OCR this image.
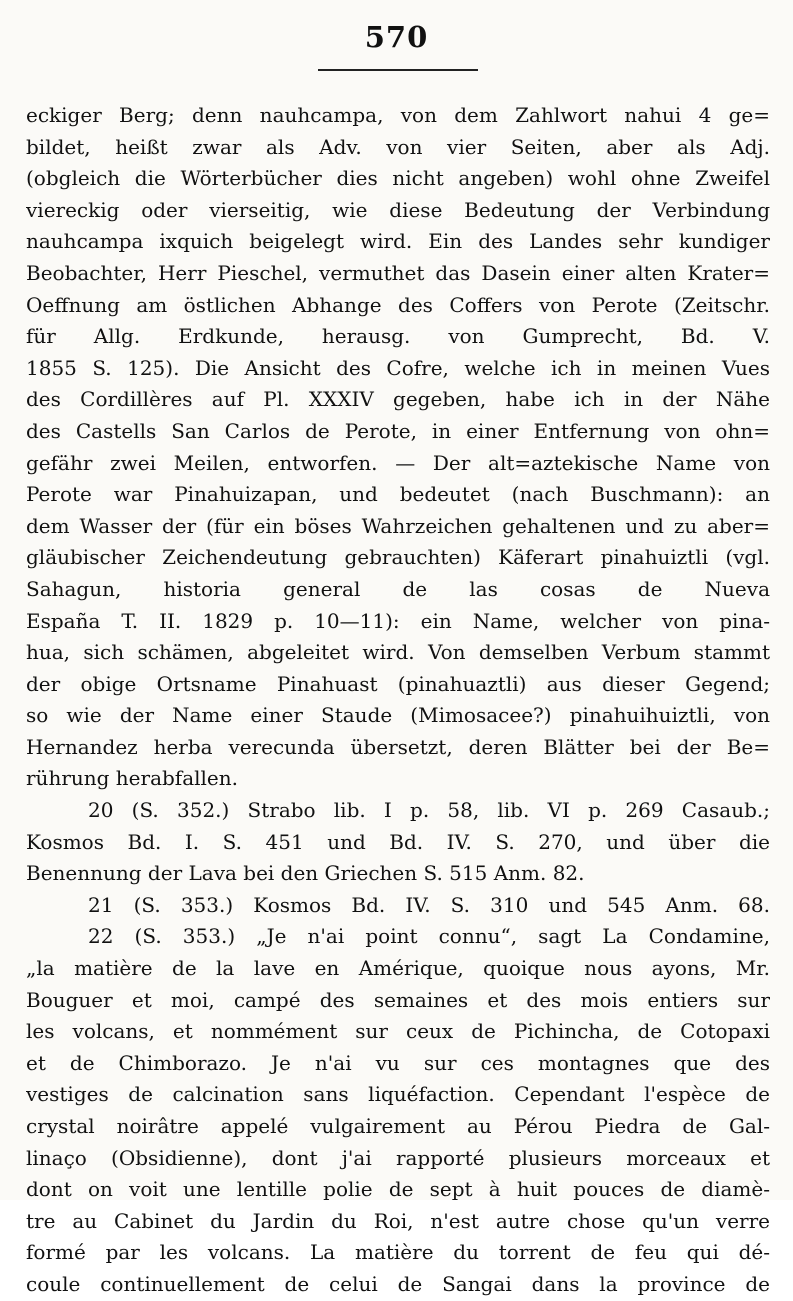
570
eckiger Berg; denn nauhcampa, von dem Zahlwort nahui 4 ge=
bildet, heißt zwar als Adv. von vier Seiten, aber als Adj.
(obgleich die Wörterbücher dies nicht angeben) wohl ohne Zweifel
viereckig oder vierseitig, wie diese Bedeutung der Verbindung
nauhcampa ixquich beigelegt wird. Ein des Landes sehr kundiger
Beobachter, Herr Pieschel, vermuthet das Dasein einer alten Krater=
Oeffnung am östlichen Abhange des Coffers von Perote (Zeitschr.
für Allg. Erdkunde, herausg. von Gumprecht, Bd. V.
1855 S. 125). Die Ansicht des Cofre, welche ich in meinen Vues
des Cordillères auf Pl. XXXIV gegeben, habe ich in der Nähe
des Castells San Carlos de Perote, in einer Entfernung von ohn=
gefähr zwei Meilen, entworfen. — Der alt=aztekische Name von
Perote war Pinahuizapan, und bedeutet (nach Buschmann): an
dem Wasser der (für ein böses Wahrzeichen gehaltenen und zu aber=
gläubischer Zeichendeutung gebrauchten) Käferart pinahuiztli (vgl.
Sahagun, historia general de las cosas de Nueva
España T. II. 1829 p. 10—11): ein Name, welcher von pina-
hua, sich schämen, abgeleitet wird. Von demselben Verbum stammt
der obige Ortsname Pinahuast (pinahuaztli) aus dieser Gegend;
so wie der Name einer Staude (Mimosacee?) pinahuihuiztli, von
Hernandez herba verecunda übersetzt, deren Blätter bei der Be=
rührung herabfallen.
20 (S. 352.) Strabo lib. I p. 58, lib. VI p. 269 Casaub.;
Kosmos Bd. I. S. 451 und Bd. IV. S. 270, und über die
Benennung der Lava bei den Griechen S. 515 Anm. 82.
21 (S. 353.) Kosmos Bd. IV. S. 310 und 545 Anm. 68.
22 (S. 353.) „Je n'ai point connu“, sagt La Condamine,
„la matière de la lave en Amérique, quoique nous ayons, Mr.
Bouguer et moi, campé des semaines et des mois entiers sur
les volcans, et nommément sur ceux de Pichincha, de Cotopaxi
et de Chimborazo. Je n'ai vu sur ces montagnes que des
vestiges de calcination sans liquéfaction. Cependant l'espèce de
crystal noirâtre appelé vulgairement au Pérou Piedra de Gal-
linaço (Obsidienne), dont j'ai rapporté plusieurs morceaux et
dont on voit une lentille polie de sept à huit pouces de diamè-
tre au Cabinet du Jardin du Roi, n'est autre chose qu'un verre
formé par les volcans. La matière du torrent de feu qui dé-
coule continuellement de celui de Sangai dans la province de
